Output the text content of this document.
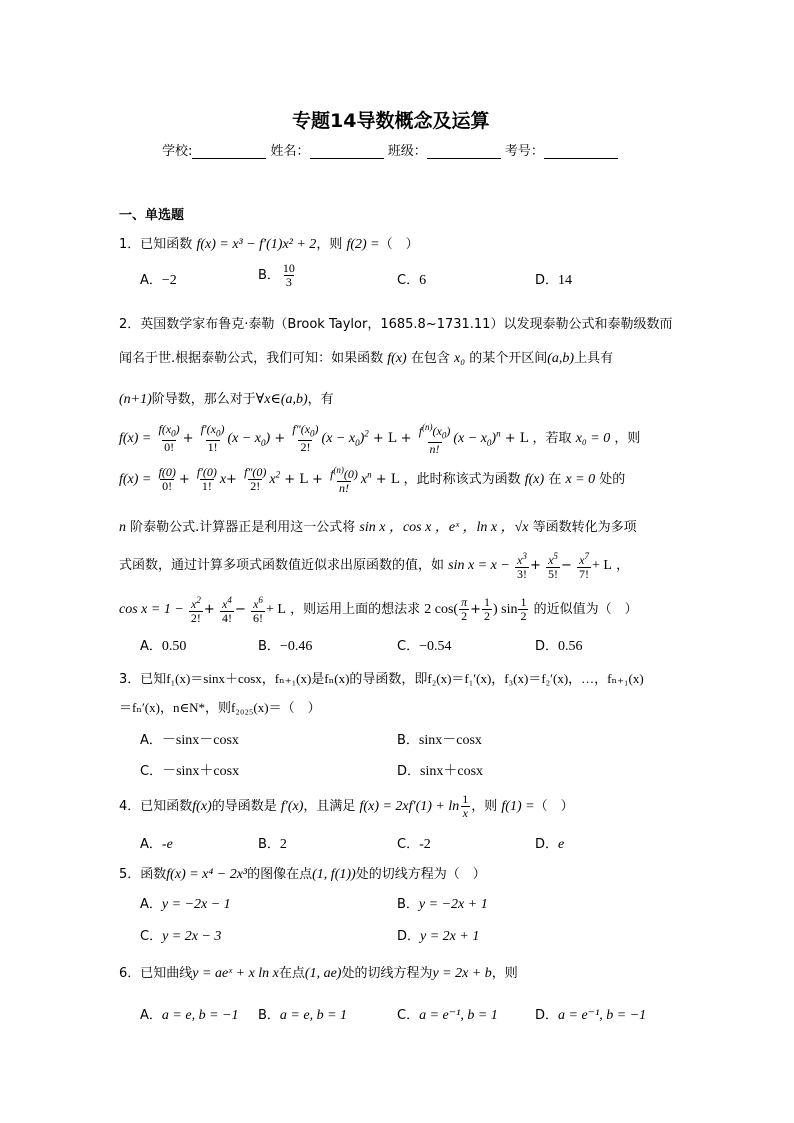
专题14导数概念及运算
学校:	姓名：	班级：	考号：
一、单选题
1．已知函数 f(x) = x³ − f′(1)x² + 2，则 f(2) =（　）
A．−2	B． $\frac{10}{3}$	C．6	D．14
2．英国数学家布鲁克·泰勒（Brook Taylor，1685.8~1731.11）以发现泰勒公式和泰勒级数而
闻名于世.根据泰勒公式，我们可知：如果函数 f(x) 在包含 x₀ 的某个开区间(a,b)上具有
(n+1)阶导数，那么对于∀x∈(a,b)，有
$f(x) = \frac{f(x_0)}{0!} + \frac{f'(x_0)}{1!} (x - x_0) + \frac{f''(x_0)}{2!} (x - x_0)^2 + L + \frac{f^{(n)}(x_0)}{n!} (x - x_0)^n + L$ ，若取 x₀ = 0 ，则
$f(x) = \frac{f(0)}{0!} + \frac{f'(0)}{1!} x+ \frac{f''(0)}{2!} x^2 + L + \frac{f^{(n)}(0)}{n!} x^n + L$ ，此时称该式为函数 f(x) 在 x = 0 处的
n 阶泰勒公式.计算器正是利用这一公式将 sin x ，cos x ，eˣ ，ln x ，√x 等函数转化为多项
式函数，通过计算多项式函数值近似求出原函数的值，如 $\sin x = x - \frac{x^3}{3!} + \frac{x^5}{5!} - \frac{x^7}{7!} + L$ ，
$\cos x = 1 - \frac{x^2}{2!} + \frac{x^4}{4!} - \frac{x^6}{6!} + L$ ，则运用上面的想法求 2 $\cos( \frac{\pi}{2} + \frac{1}{2}$ ) $\sin \frac{1}{2}$ 的近似值为（　）
A．0.50	B．−0.46	C．−0.54	D．0.56
3．已知f₁(x)＝sinx＋cosx，fₙ₊₁(x)是fₙ(x)的导函数，即f₂(x)＝f₁′(x)，f₃(x)＝f₂′(x)，…，fₙ₊₁(x)
＝fₙ′(x)，n∈N*，则f₂₀₂₅(x)＝（　）
A．－sinx－cosx	B．sinx－cosx
C．－sinx＋cosx	D．sinx＋cosx
4．已知函数f(x)的导函数是 f′(x)，且满足 $f(x) = 2xf'(1) + \ln \frac{1}{x}$ ，则 f(1) =（　）
A．-e	B．2	C．-2	D．e
5．函数f(x) = x⁴ − 2x³的图像在点(1, f(1))处的切线方程为（　）
A．y = −2x − 1	B．y = −2x + 1
C．y = 2x − 3	D．y = 2x + 1
6．已知曲线y = aeˣ + x ln x在点(1, ae)处的切线方程为y = 2x + b，则
A．a = e, b = −1 B．a = e, b = 1	C．a = e⁻¹, b = 1	D．a = e⁻¹, b = −1
